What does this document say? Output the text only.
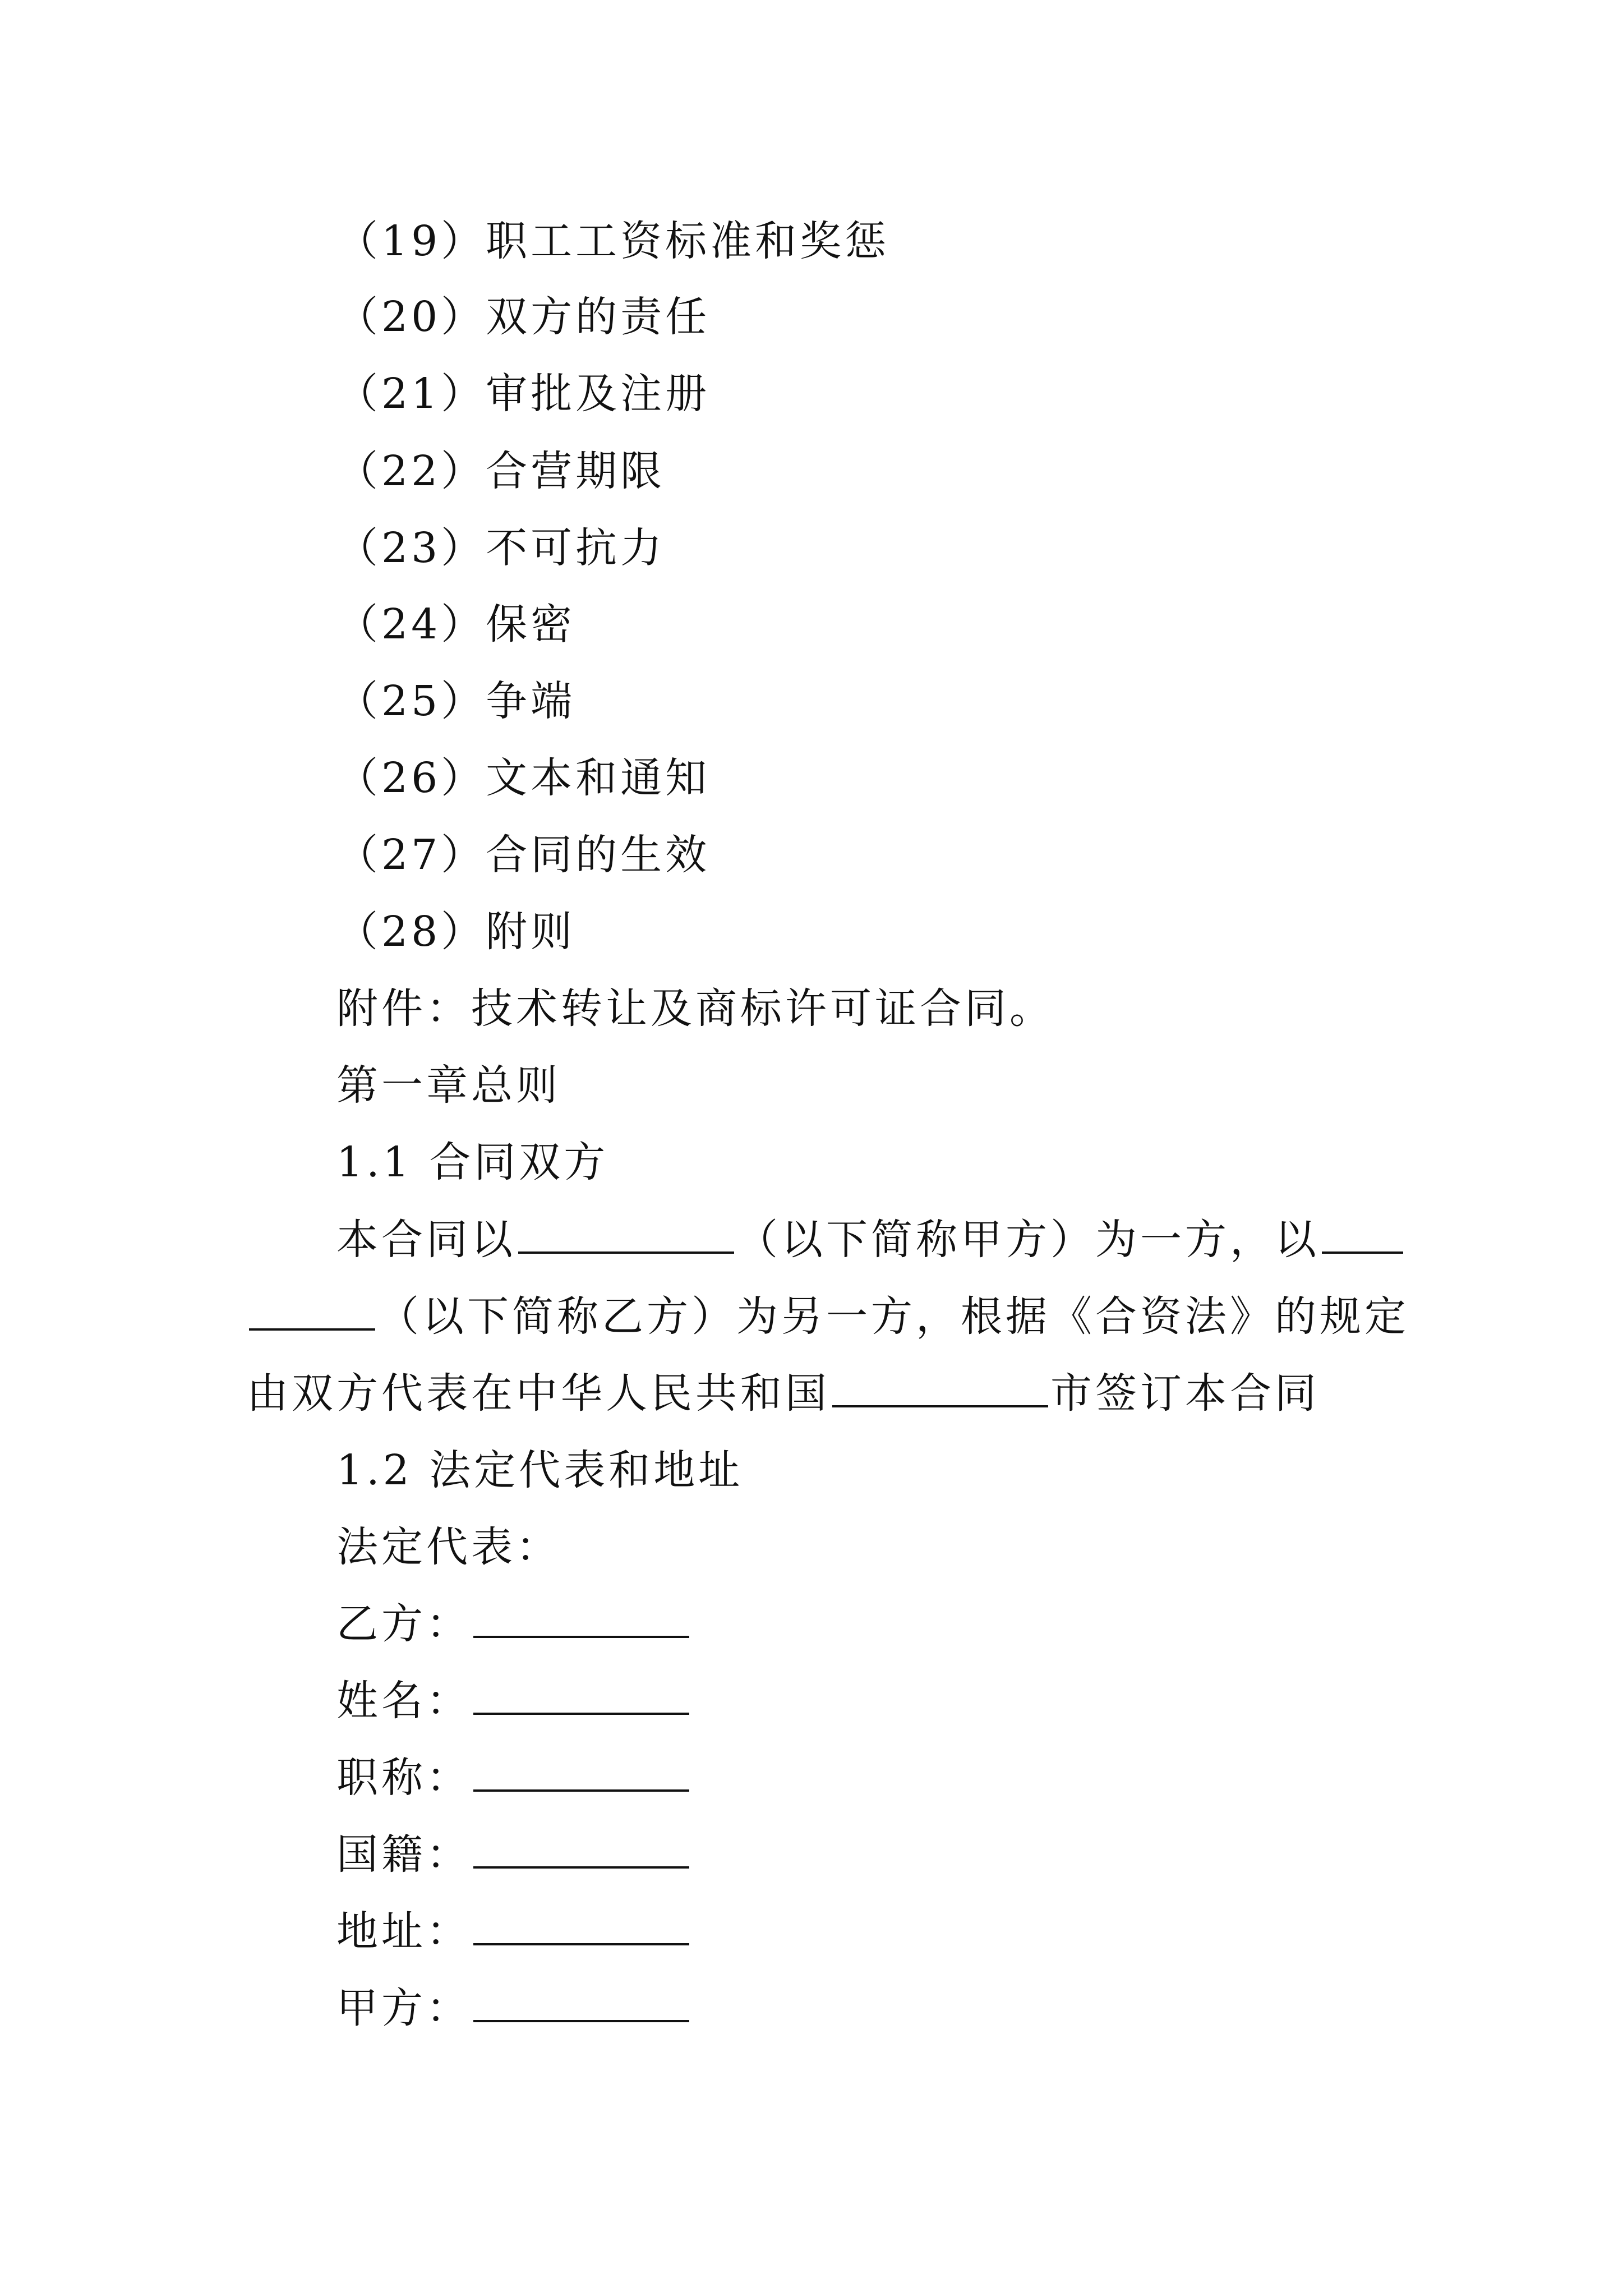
（19）职工工资标准和奖惩
（20）双方的责任
（21）审批及注册
（22）合营期限
（23）不可抗力
（24）保密
（25）争端
（26）文本和通知
（27）合同的生效
（28）附则
附件：技术转让及商标许可证合同。
第一章总则
1.1 合同双方
本合同以	（以下简称甲方）为一方，以
（以下简称乙方）为另一方，根据《合资法》的规定
由双方代表在中华人民共和国	市签订本合同
1.2 法定代表和地址
法定代表：
乙方：
姓名：
职称：
国籍：
地址：
甲方：
